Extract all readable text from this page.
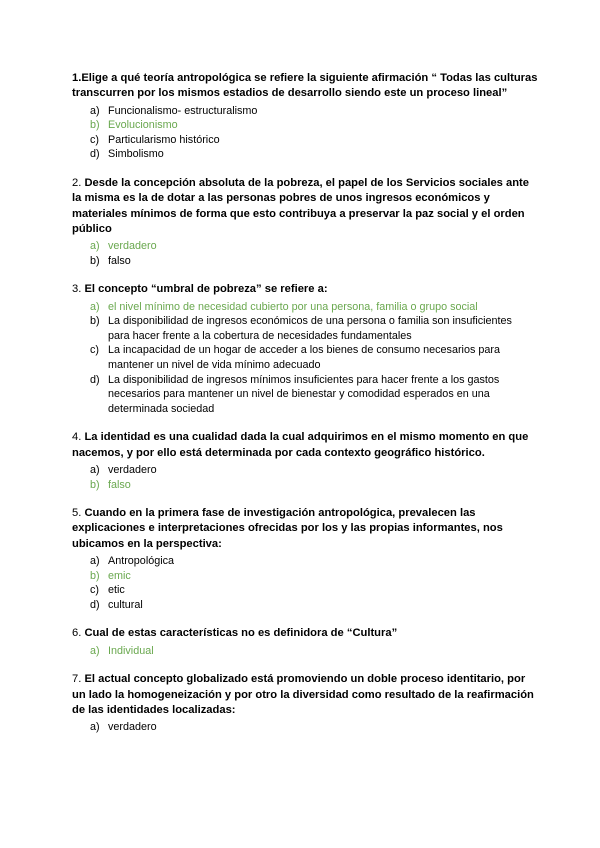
1.Elige a qué teoría antropológica se refiere la siguiente afirmación “ Todas las culturas transcurren por los mismos estadios de desarrollo siendo este un proceso lineal”

a) Funcionalismo- estructuralismo
b) Evolucionismo
c) Particularismo histórico
d) Simbolismo

2. Desde la concepción absoluta de la pobreza, el papel de los Servicios sociales ante la misma es la de dotar a las personas pobres de unos ingresos económicos y materiales mínimos de forma que esto contribuya a preservar la paz social y el orden público

a) verdadero
b) falso

3. El concepto “umbral de pobreza” se refiere a:

a) el nivel mínimo de necesidad cubierto por una persona, familia o grupo social
b) La disponibilidad de ingresos económicos de una persona o familia son insuficientes para hacer frente a la cobertura de necesidades fundamentales
c) La incapacidad de un hogar de acceder a los bienes de consumo necesarios para mantener un nivel de vida mínimo adecuado
d) La disponibilidad de ingresos mínimos insuficientes para hacer frente a los gastos necesarios para mantener un nivel de bienestar y comodidad esperados en una determinada sociedad

4. La identidad es una cualidad dada la cual adquirimos en el mismo momento en que nacemos, y por ello está determinada por cada contexto geográfico histórico.

a) verdadero
b) falso

5. Cuando en la primera fase de investigación antropológica, prevalecen las explicaciones e interpretaciones ofrecidas por los y las propias informantes, nos ubicamos en la perspectiva:

a) Antropológica
b) emic
c) etic
d) cultural

6. Cual de estas características no es definidora de “Cultura”

a) Individual

7. El actual concepto globalizado está promoviendo un doble proceso identitario, por un lado la homogeneización y por otro la diversidad como resultado de la reafirmación de las identidades localizadas:

a) verdadero
